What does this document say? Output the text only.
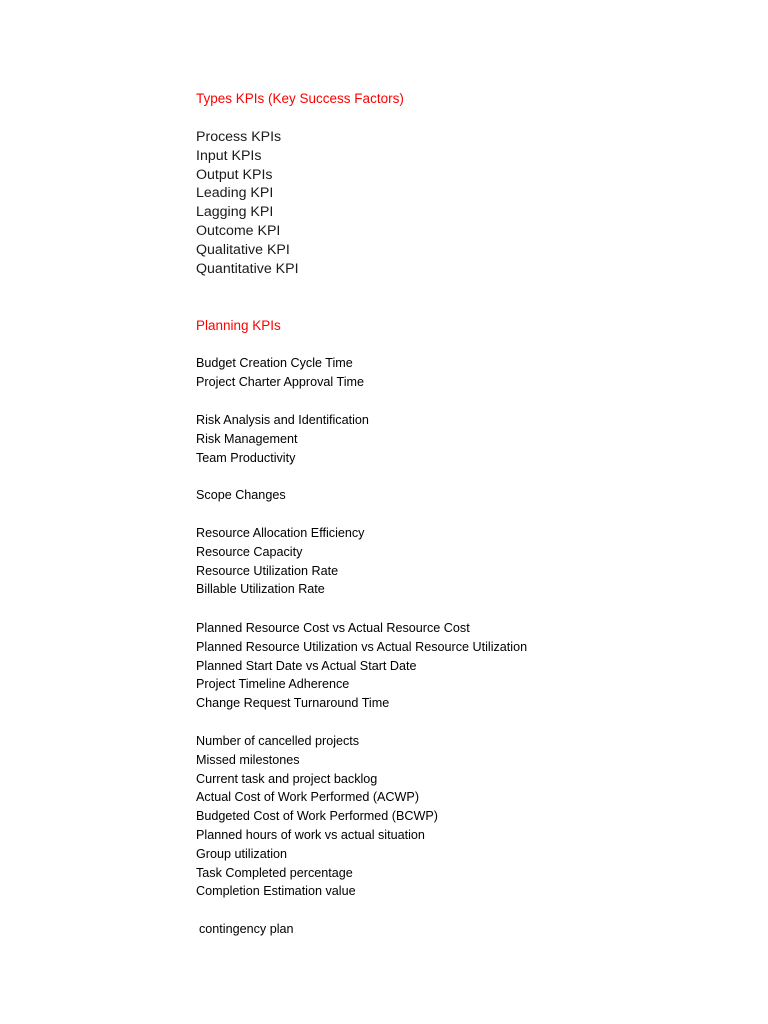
Types KPIs (Key Success Factors)
Process KPIs
Input KPIs
Output KPIs
Leading KPI
Lagging KPI
Outcome KPI
Qualitative KPI
Quantitative KPI
Planning KPIs
Budget Creation Cycle Time
Project Charter Approval Time
Risk Analysis and Identification
Risk Management
Team Productivity
Scope Changes
Resource Allocation Efficiency
Resource Capacity
Resource Utilization Rate
Billable Utilization Rate
Planned Resource Cost vs Actual Resource Cost
Planned Resource Utilization vs Actual Resource Utilization
Planned Start Date vs Actual Start Date
Project Timeline Adherence
Change Request Turnaround Time
Number of cancelled projects
Missed milestones
Current task and project backlog
Actual Cost of Work Performed (ACWP)
Budgeted Cost of Work Performed (BCWP)
Planned hours of work vs actual situation
Group utilization
Task Completed percentage
Completion Estimation value
contingency plan
